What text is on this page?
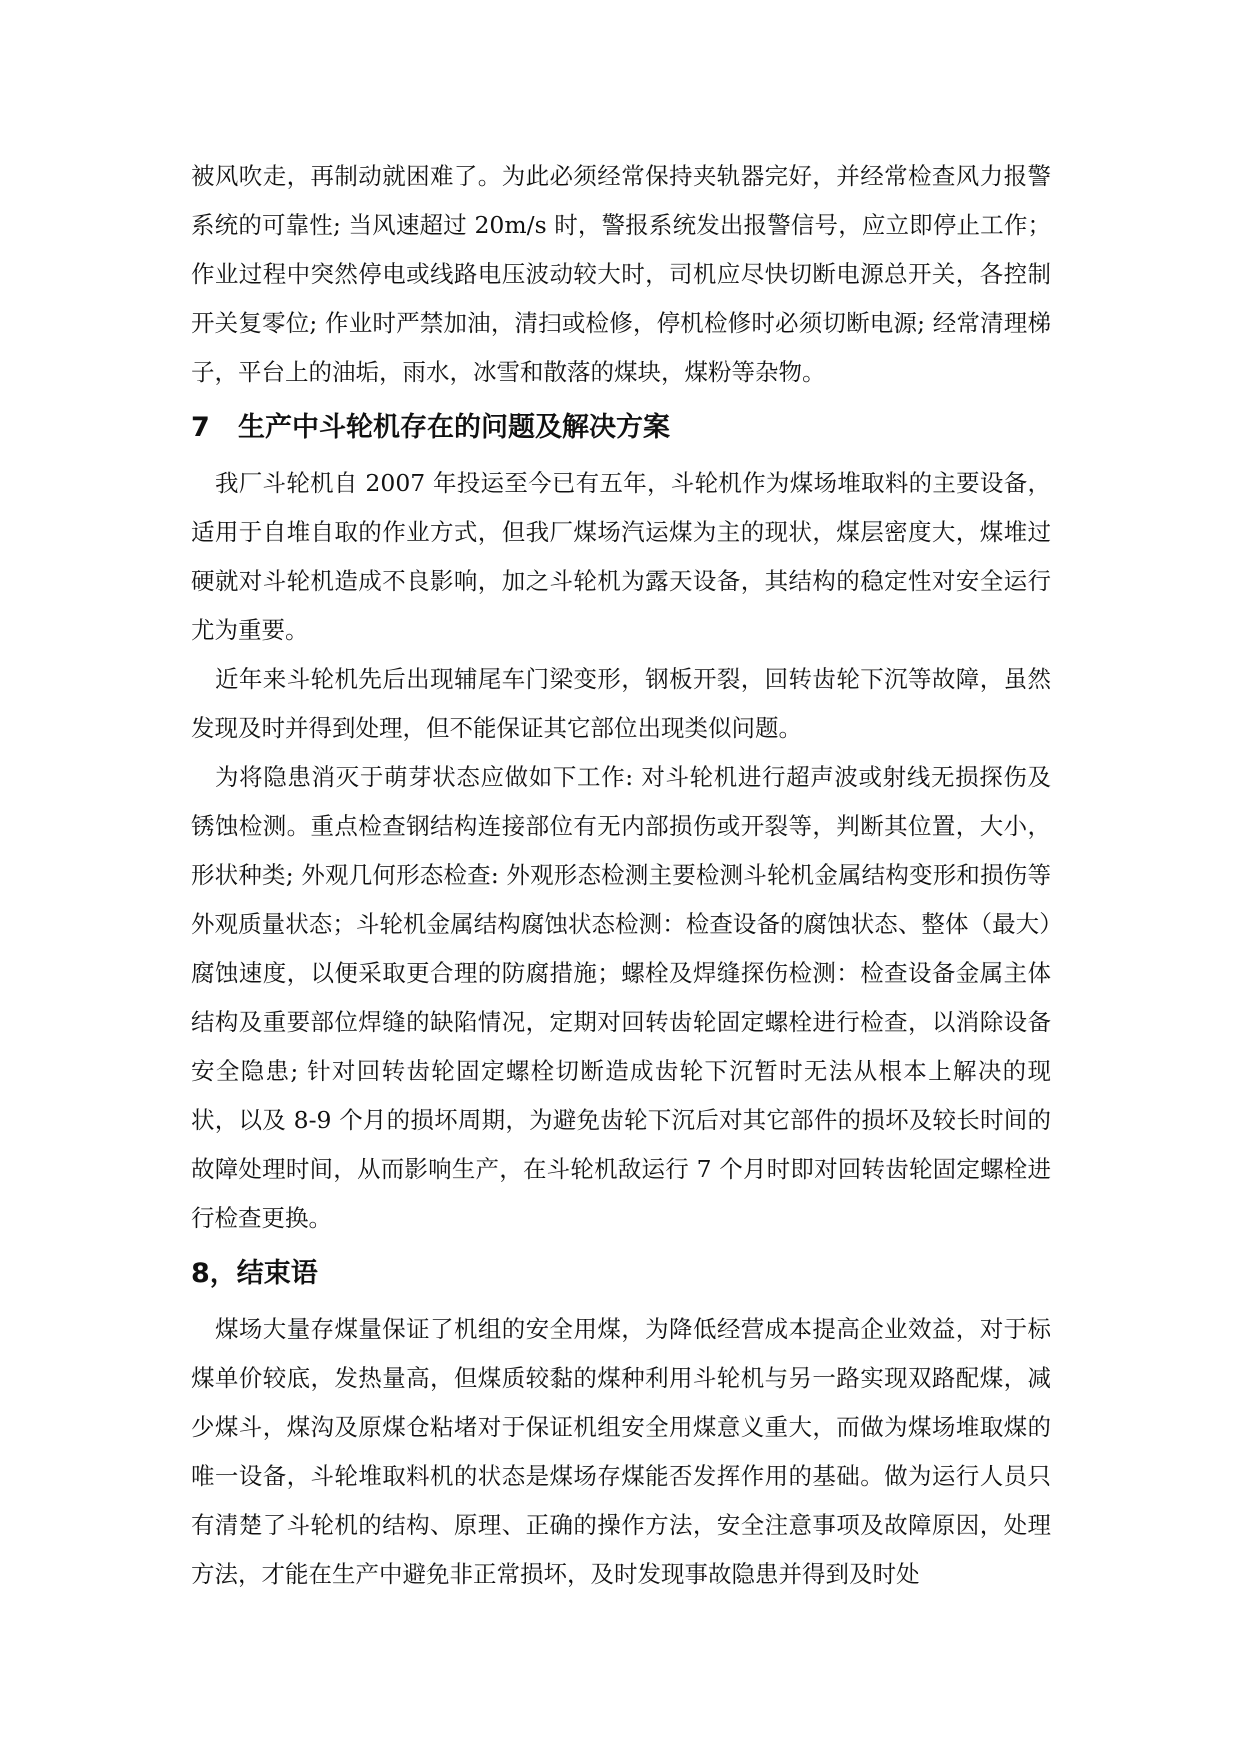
被风吹走，再制动就困难了。为此必须经常保持夹轨器完好，并经常检查风力报警系统的可靠性; 当风速超过 20m/s 时，警报系统发出报警信号，应立即停止工作；作业过程中突然停电或线路电压波动较大时，司机应尽快切断电源总开关，各控制开关复零位; 作业时严禁加油，清扫或检修，停机检修时必须切断电源; 经常清理梯子，平台上的油垢，雨水，冰雪和散落的煤块，煤粉等杂物。

7   生产中斗轮机存在的问题及解决方案

我厂斗轮机自 2007 年投运至今已有五年，斗轮机作为煤场堆取料的主要设备，适用于自堆自取的作业方式，但我厂煤场汽运煤为主的现状，煤层密度大，煤堆过硬就对斗轮机造成不良影响，加之斗轮机为露天设备，其结构的稳定性对安全运行尤为重要。

近年来斗轮机先后出现辅尾车门梁变形，钢板开裂，回转齿轮下沉等故障，虽然发现及时并得到处理，但不能保证其它部位出现类似问题。

为将隐患消灭于萌芽状态应做如下工作: 对斗轮机进行超声波或射线无损探伤及锈蚀检测。重点检查钢结构连接部位有无内部损伤或开裂等，判断其位置，大小，形状种类; 外观几何形态检查: 外观形态检测主要检测斗轮机金属结构变形和损伤等外观质量状态；斗轮机金属结构腐蚀状态检测：检查设备的腐蚀状态、整体（最大）腐蚀速度，以便采取更合理的防腐措施；螺栓及焊缝探伤检测：检查设备金属主体结构及重要部位焊缝的缺陷情况，定期对回转齿轮固定螺栓进行检查，以消除设备安全隐患; 针对回转齿轮固定螺栓切断造成齿轮下沉暂时无法从根本上解决的现状，以及 8-9 个月的损坏周期，为避免齿轮下沉后对其它部件的损坏及较长时间的故障处理时间，从而影响生产，在斗轮机敌运行 7 个月时即对回转齿轮固定螺栓进行检查更换。

8，结束语

煤场大量存煤量保证了机组的安全用煤，为降低经营成本提高企业效益，对于标煤单价较底，发热量高，但煤质较黏的煤种利用斗轮机与另一路实现双路配煤，减少煤斗，煤沟及原煤仓粘堵对于保证机组安全用煤意义重大，而做为煤场堆取煤的唯一设备，斗轮堆取料机的状态是煤场存煤能否发挥作用的基础。做为运行人员只有清楚了斗轮机的结构、原理、正确的操作方法，安全注意事项及故障原因，处理方法，才能在生产中避免非正常损坏，及时发现事故隐患并得到及时处
